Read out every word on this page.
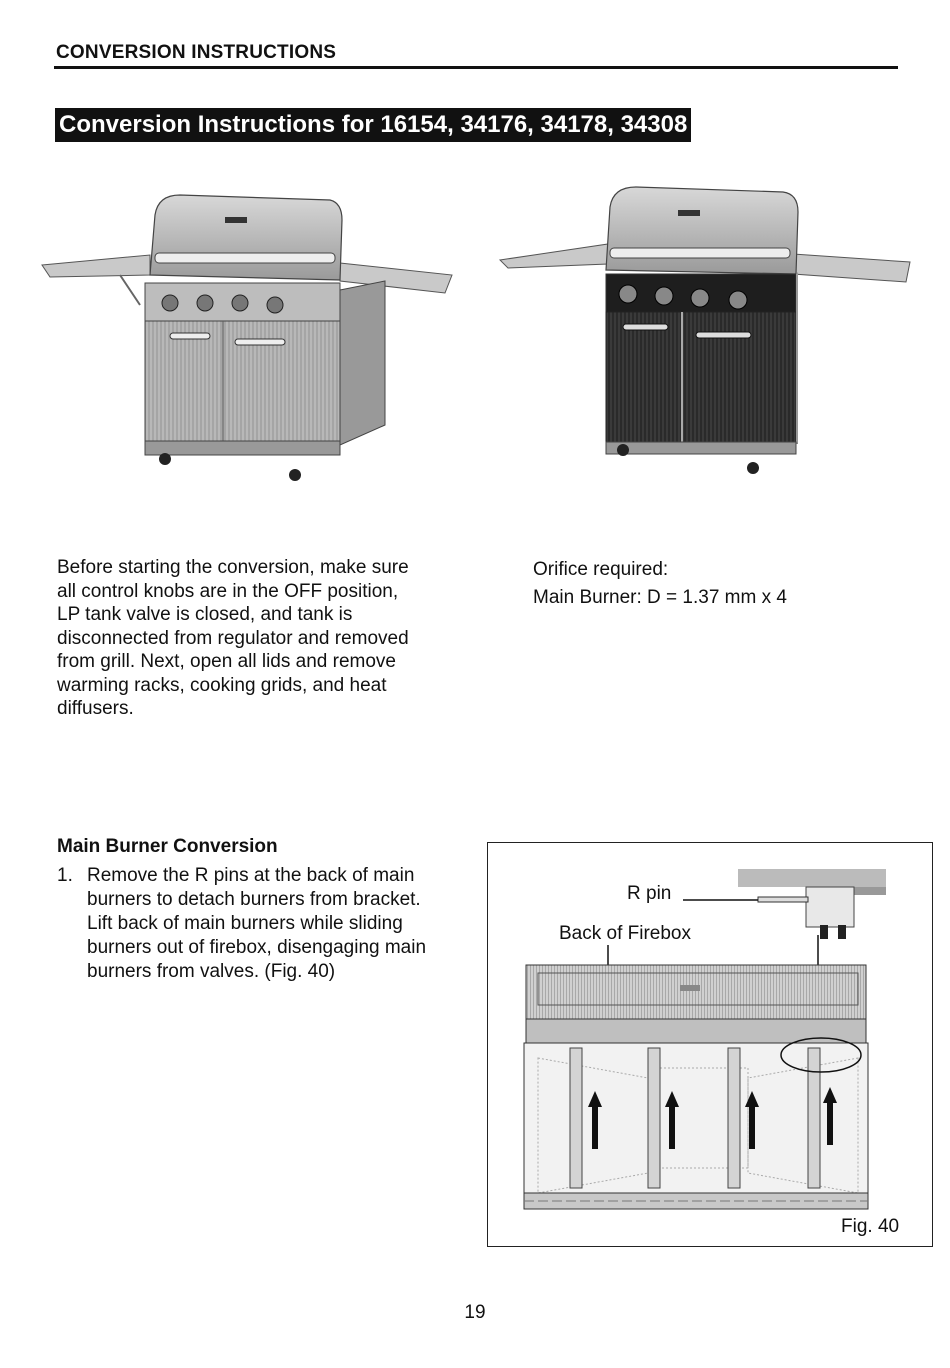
CONVERSION INSTRUCTIONS
Conversion Instructions for 16154, 34176, 34178, 34308

Before starting the conversion, make sure

all control knobs are in the OFF position,

LP tank valve is closed, and tank is

disconnected from regulator and removed

from grill. Next, open all lids and remove

warming racks, cooking grids, and heat

diffusers.

Orifice required:

Main Burner: D = 1.37 mm x 4

Main Burner Conversion
1. Remove the R pins at the back of main
burners to detach burners from bracket.
Lift back of main burners while sliding
burners out of firebox, disengaging main
burners from valves. (Fig. 40)
R pin
Back of Firebox
Fig. 40
19
